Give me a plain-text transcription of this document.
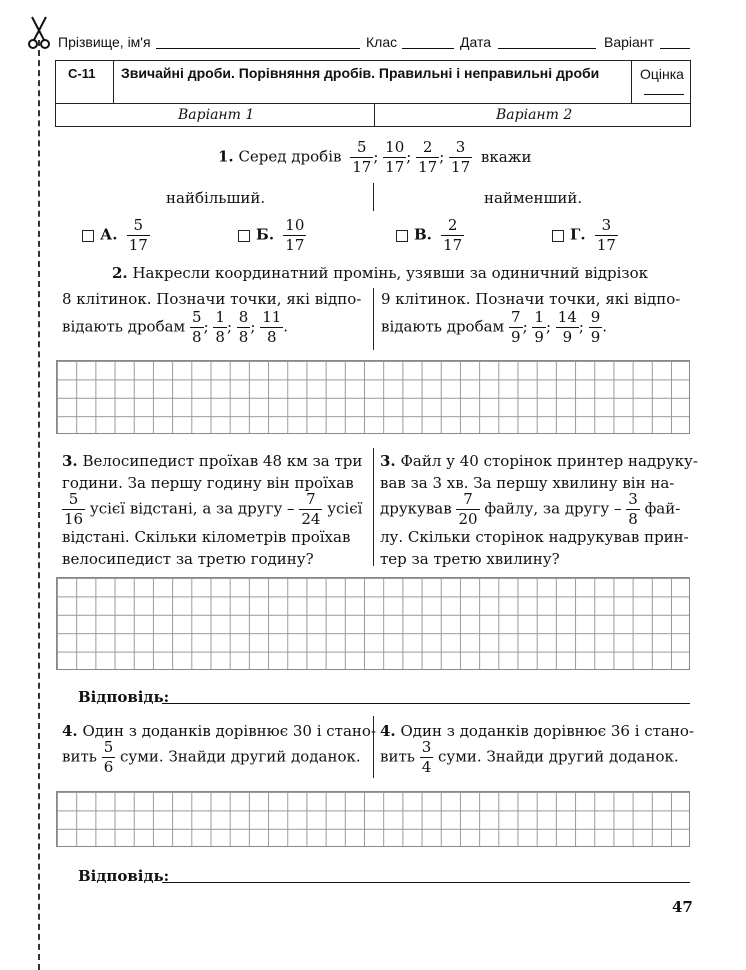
Прізвище, ім'я	Клас	Дата	Варіант
С-11	Звичайні дроби. Порівняння дробів. Правильні і неправильні дроби	Оцінка
Варіант 1	Варіант 2
1. Серед дробів $\frac{5}{17}$ ; $\frac{10}{17}$ ; $\frac{2}{17}$ ; $\frac{3}{17}$ вкажи
найбільший.	найменший.
А. $\frac{5}{17}$	Б. $\frac{10}{17}$	В. $\frac{2}{17}$	Г. $\frac{3}{17}$
2. Накресли координатний промінь, узявши за одиничний відрізок
8 клітинок. Позначи точки, які відпо-
відають дробам $\frac{5}{8}$ ; $\frac{1}{8}$ ; $\frac{8}{8}$ ; $\frac{11}{8}$ .
9 клітинок. Позначи точки, які відпо-
відають дробам $\frac{7}{9}$ ; $\frac{1}{9}$ ; $\frac{14}{9}$ ; $\frac{9}{9}$ .
3. Велосипедист проїхав 48 км за три
години. За першу годину він проїхав
$\frac{5}{16}$ усієї відстані, а за другу – $\frac{7}{24}$ усієї
відстані. Скільки кілометрів проїхав
велосипедист за третю годину?
3. Файл у 40 сторінок принтер надруку-
вав за 3 хв. За першу хвилину він на-
друкував $\frac{7}{20}$ файлу, за другу – $\frac{3}{8} фай-$
лу. Скільки сторінок надрукував прин-
тер за третю хвилину?
Відповідь:
4. Один з доданків дорівнює 30 і стано-
вить $\frac{5}{6}$ суми. Знайди другий доданок.
4. Один з доданків дорівнює 36 і стано-
вить $\frac{3}{4}$ суми. Знайди другий доданок.
Відповідь:
47
